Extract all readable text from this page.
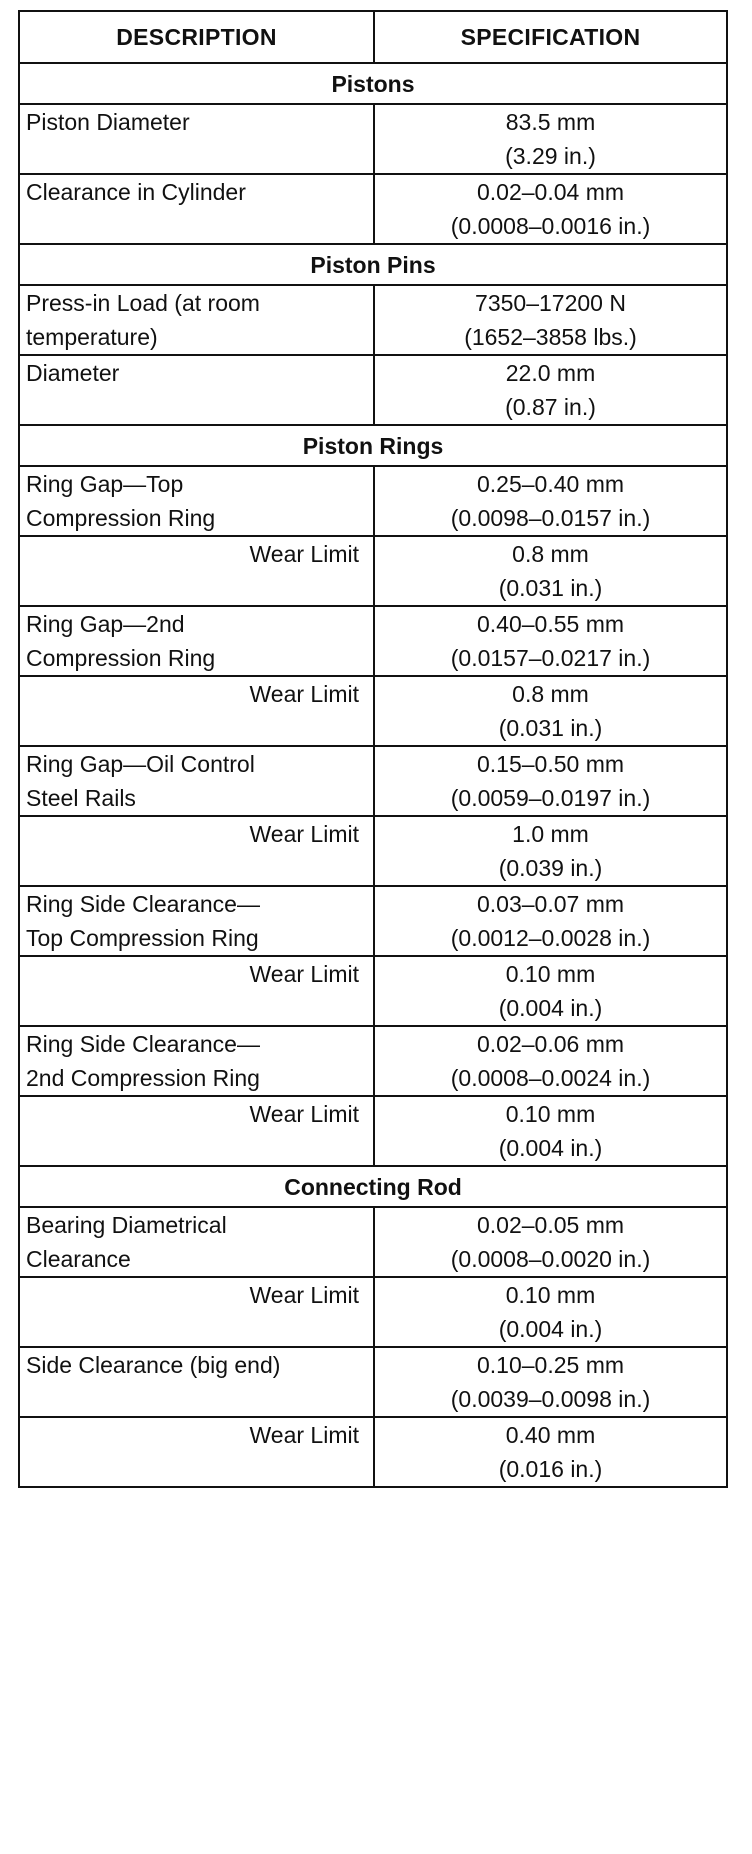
DESCRIPTION	SPECIFICATION
Pistons	

Piston Diameter	83.5 mm
(3.29 in.)

Clearance in Cylinder	0.02–0.04 mm
(0.0008–0.0016 in.)

Piston Pins	

Press-in Load (at room
temperature)	7350–17200 N
(1652–3858 lbs.)

Diameter	22.0 mm
(0.87 in.)

Piston Rings	

Ring Gap—Top
Compression Ring	0.25–0.40 mm
(0.0098–0.0157 in.)

Wear Limit	0.8 mm
(0.031 in.)

Ring Gap—2nd
Compression Ring	0.40–0.55 mm
(0.0157–0.0217 in.)

Wear Limit	0.8 mm
(0.031 in.)

Ring Gap—Oil Control
Steel Rails	0.15–0.50 mm
(0.0059–0.0197 in.)

Wear Limit	1.0 mm
(0.039 in.)

Ring Side Clearance—
Top Compression Ring	0.03–0.07 mm
(0.0012–0.0028 in.)

Wear Limit	0.10 mm
(0.004 in.)

Ring Side Clearance—
2nd Compression Ring	0.02–0.06 mm
(0.0008–0.0024 in.)

Wear Limit	0.10 mm
(0.004 in.)

Connecting Rod	

Bearing Diametrical
Clearance	0.02–0.05 mm
(0.0008–0.0020 in.)

Wear Limit	0.10 mm
(0.004 in.)

Side Clearance (big end)	0.10–0.25 mm
(0.0039–0.0098 in.)

Wear Limit	0.40 mm
(0.016 in.)
